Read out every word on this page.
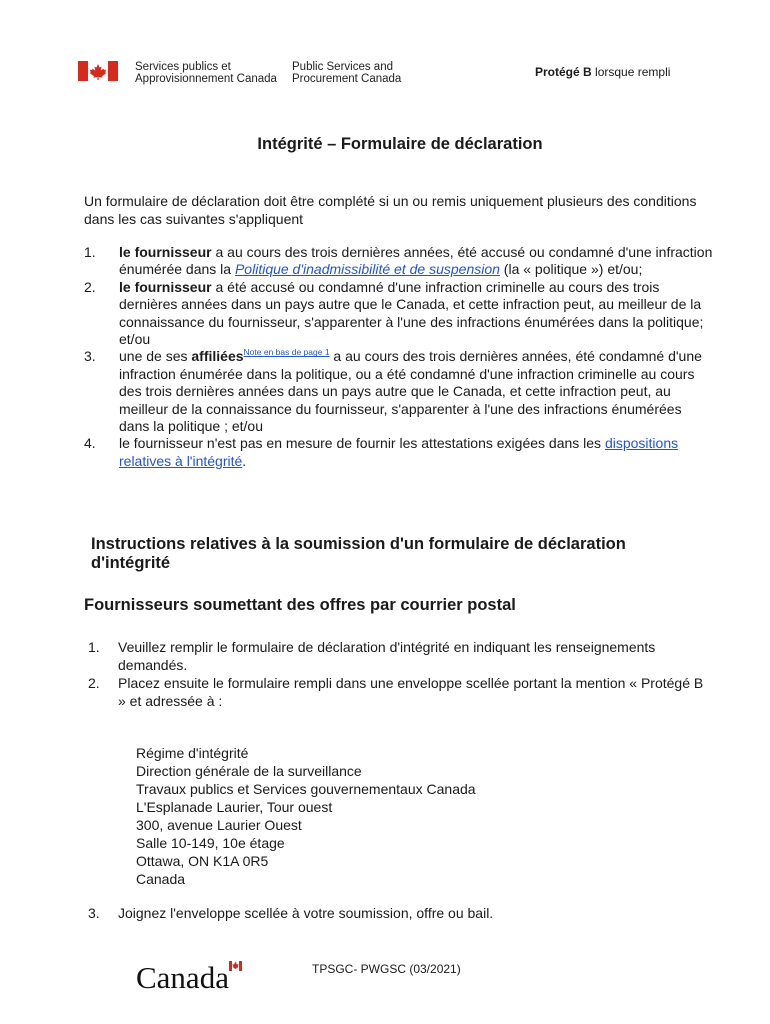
Services publics et
Approvisionnement Canada
Public Services and
Procurement Canada	Protégé B lorsque rempli
Intégrité – Formulaire de déclaration
Un formulaire de déclaration doit être complété si un ou remis uniquement plusieurs des conditions dans les cas suivantes s'appliquent
1. le fournisseur a au cours des trois dernières années, été accusé ou condamné d'une infraction énumérée dans la Politique d'inadmissibilité et de suspension (la « politique ») et/ou;
2. le fournisseur a été accusé ou condamné d'une infraction criminelle au cours des trois dernières années dans un pays autre que le Canada, et cette infraction peut, au meilleur de la connaissance du fournisseur, s'apparenter à l'une des infractions énumérées dans la politique; et/ou
3. une de ses affiliées$^{Note en bas de page 1}$ a au cours des trois dernières années, été condamné d'une infraction énumérée dans la politique, ou a été condamné d'une infraction criminelle au cours des trois dernières années dans un pays autre que le Canada, et cette infraction peut, au meilleur de la connaissance du fournisseur, s'apparenter à l'une des infractions énumérées dans la politique ; et/ou
4. le fournisseur n'est pas en mesure de fournir les attestations exigées dans les dispositions relatives à l'intégrité.
Instructions relatives à la soumission d'un formulaire de déclaration d'intégrité
Fournisseurs soumettant des offres par courrier postal
1. Veuillez remplir le formulaire de déclaration d'intégrité en indiquant les renseignements demandés.
2. Placez ensuite le formulaire rempli dans une enveloppe scellée portant la mention « Protégé B » et adressée à :
Régime d'intégrité
Direction générale de la surveillance
Travaux publics et Services gouvernementaux Canada
L'Esplanade Laurier, Tour ouest
300, avenue Laurier Ouest
Salle 10-149, 10e étage
Ottawa, ON K1A 0R5
Canada
3. Joignez l'enveloppe scellée à votre soumission, offre ou bail.
Canada	TPSGC- PWGSC (03/2021)
